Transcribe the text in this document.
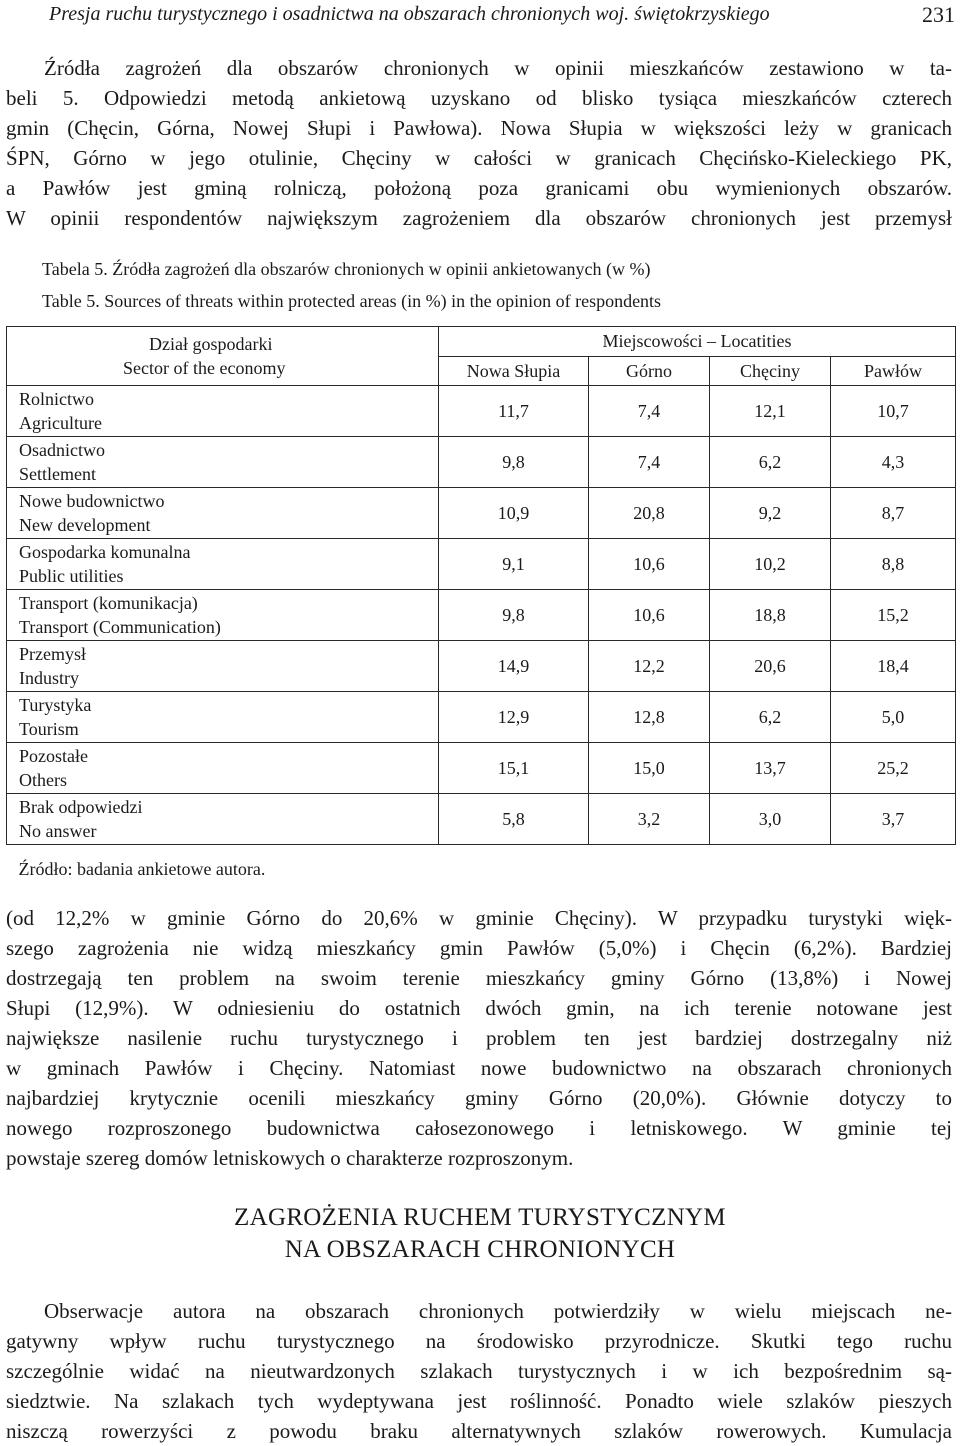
Presja ruchu turystycznego i osadnictwa na obszarach chronionych woj. świętokrzyskiego	231
Źródła zagrożeń dla obszarów chronionych w opinii mieszkańców zestawiono w ta-
beli 5. Odpowiedzi metodą ankietową uzyskano od blisko tysiąca mieszkańców czterech
gmin (Chęcin, Górna, Nowej Słupi i Pawłowa). Nowa Słupia w większości leży w granicach
ŚPN, Górno w jego otulinie, Chęciny w całości w granicach Chęcińsko-Kieleckiego PK,
a Pawłów jest gminą rolniczą, położoną poza granicami obu wymienionych obszarów.
W opinii respondentów największym zagrożeniem dla obszarów chronionych jest przemysł
Tabela 5. Źródła zagrożeń dla obszarów chronionych w opinii ankietowanych (w %)
Table 5. Sources of threats within protected areas (in %) in the opinion of respondents
Dział gospodarki
Sector of the economy	Miejscowości – Locatities			
	Nowa Słupia	Górno	Chęciny	Pawłów

Rolnictwo
Agriculture	11,7	7,4	12,1	10,7

Osadnictwo
Settlement	9,8	7,4	6,2	4,3

Nowe budownictwo
New development	10,9	20,8	9,2	8,7

Gospodarka komunalna
Public utilities	9,1	10,6	10,2	8,8

Transport (komunikacja)
Transport (Communication)	9,8	10,6	18,8	15,2

Przemysł
Industry	14,9	12,2	20,6	18,4

Turystyka
Tourism	12,9	12,8	6,2	5,0

Pozostałe
Others	15,1	15,0	13,7	25,2

Brak odpowiedzi
No answer	5,8	3,2	3,0	3,7
Źródło: badania ankietowe autora.				
(od 12,2% w gminie Górno do 20,6% w gminie Chęciny). W przypadku turystyki więk-
szego zagrożenia nie widzą mieszkańcy gmin Pawłów (5,0%) i Chęcin (6,2%). Bardziej
dostrzegają ten problem na swoim terenie mieszkańcy gminy Górno (13,8%) i Nowej
Słupi (12,9%). W odniesieniu do ostatnich dwóch gmin, na ich terenie notowane jest
największe nasilenie ruchu turystycznego i problem ten jest bardziej dostrzegalny niż
w gminach Pawłów i Chęciny. Natomiast nowe budownictwo na obszarach chronionych
najbardziej krytycznie ocenili mieszkańcy gminy Górno (20,0%). Głównie dotyczy to
nowego rozproszonego budownictwa całosezonowego i letniskowego. W gminie tej
powstaje szereg domów letniskowych o charakterze rozproszonym.
ZAGROŻENIA RUCHEM TURYSTYCZNYM
NA OBSZARACH CHRONIONYCH
Obserwacje autora na obszarach chronionych potwierdziły w wielu miejscach ne-
gatywny wpływ ruchu turystycznego na środowisko przyrodnicze. Skutki tego ruchu
szczególnie widać na nieutwardzonych szlakach turystycznych i w ich bezpośrednim są-
siedztwie. Na szlakach tych wydeptywana jest roślinność. Ponadto wiele szlaków pieszych
niszczą rowerzyści z powodu braku alternatywnych szlaków rowerowych. Kumulacja
